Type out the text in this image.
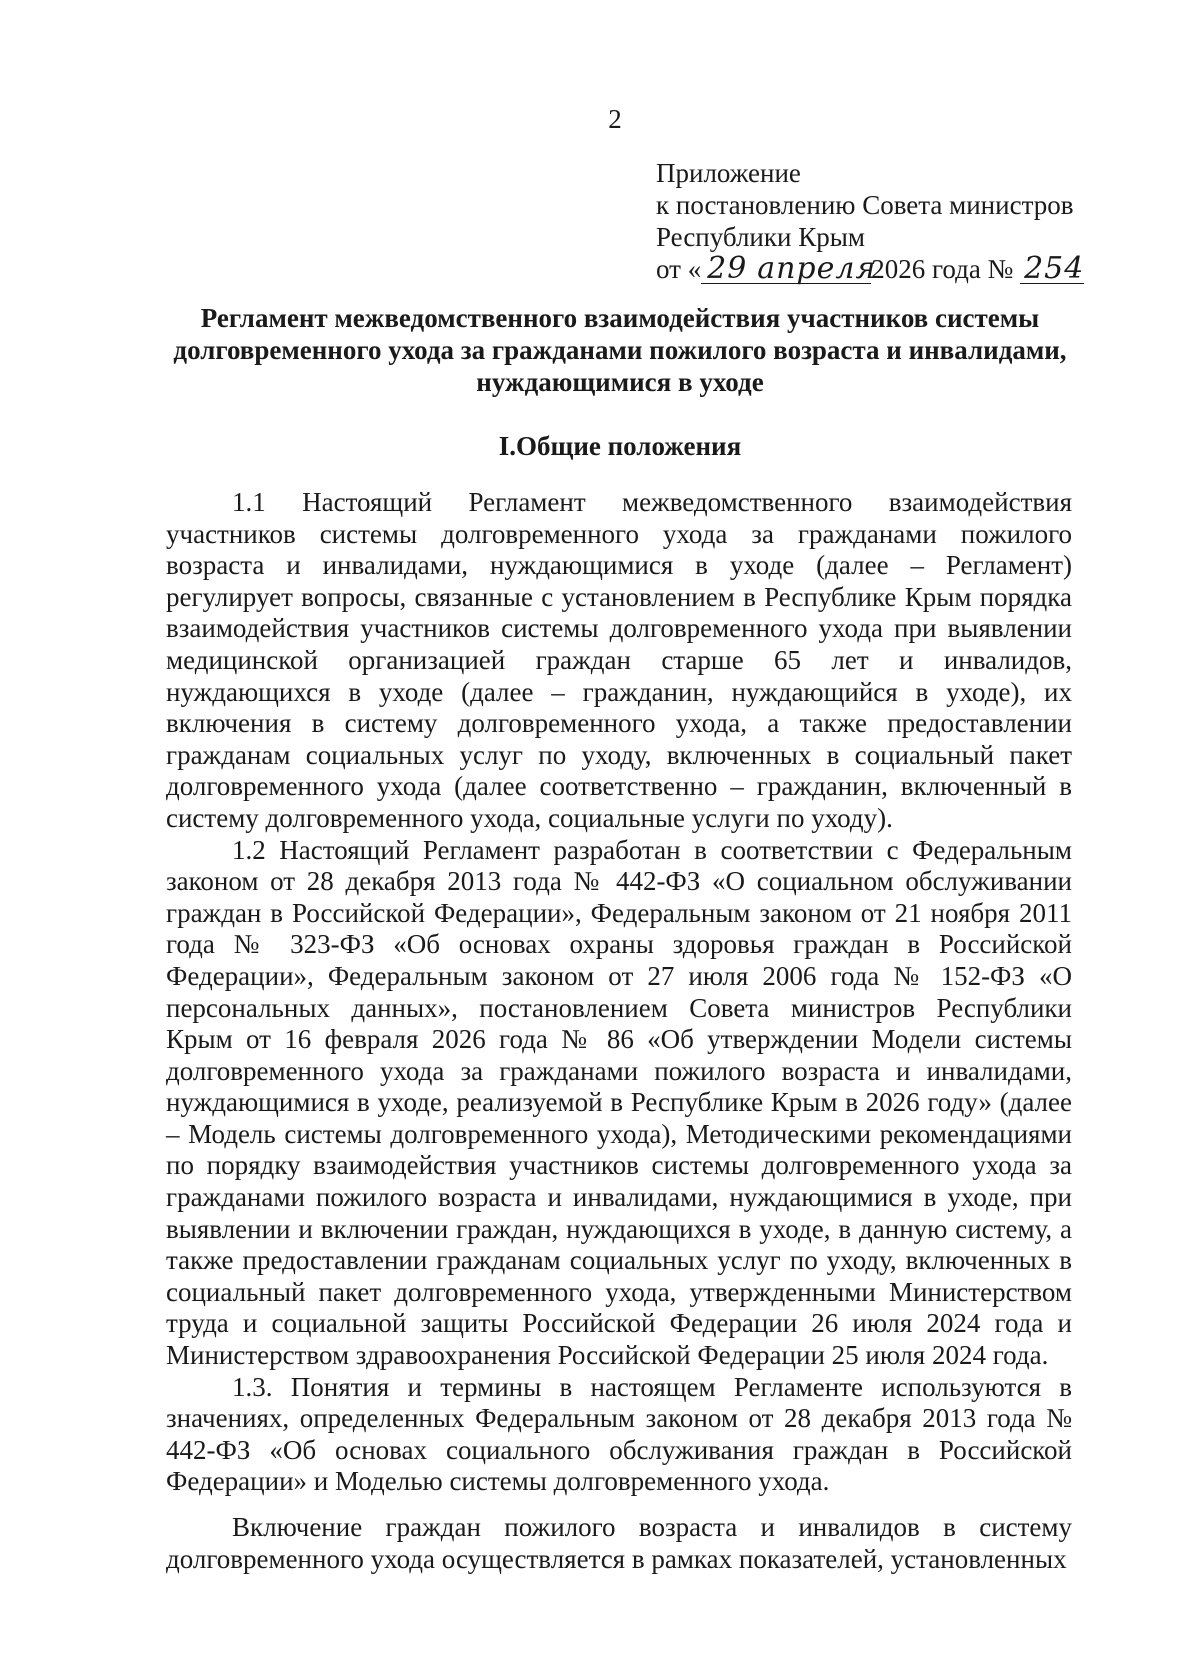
2
Приложение
к постановлению Совета министров
Республики Крым
от « 29 апреля2026 года № 254
Регламент межведомственного взаимодействия участников системы долговременного ухода за гражданами пожилого возраста и инвалидами, нуждающимися в уходе
I.Общие положения

1.1 Настоящий Регламент межведомственного взаимодействия участников системы долговременного ухода за гражданами пожилого возраста и инвалидами, нуждающимися в уходе (далее – Регламент) регулирует вопросы, связанные с установлением в Республике Крым порядка взаимодействия участников системы долговременного ухода при выявлении медицинской организацией граждан старше 65 лет и инвалидов, нуждающихся в уходе (далее – гражданин, нуждающийся в уходе), их включения в систему долговременного ухода, а также предоставлении гражданам социальных услуг по уходу, включенных в социальный пакет долговременного ухода (далее соответственно – гражданин, включенный в систему долговременного ухода, социальные услуги по уходу).

1.2 Настоящий Регламент разработан в соответствии с Федеральным законом от 28 декабря 2013 года № 442-ФЗ «О социальном обслуживании граждан в Российской Федерации», Федеральным законом от 21 ноября 2011 года № 323-ФЗ «Об основах охраны здоровья граждан в Российской Федерации», Федеральным законом от 27 июля 2006 года № 152-ФЗ «О персональных данных», постановлением Совета министров Республики Крым от 16 февраля 2026 года № 86 «Об утверждении Модели системы долговременного ухода за гражданами пожилого возраста и инвалидами, нуждающимися в уходе, реализуемой в Республике Крым в 2026 году» (далее – Модель системы долговременного ухода), Методическими рекомендациями по порядку взаимодействия участников системы долговременного ухода за гражданами пожилого возраста и инвалидами, нуждающимися в уходе, при выявлении и включении граждан, нуждающихся в уходе, в данную систему, а также предоставлении гражданам социальных услуг по уходу, включенных в социальный пакет долговременного ухода, утвержденными Министерством труда и социальной защиты Российской Федерации 26 июля 2024 года и Министерством здравоохранения Российской Федерации 25 июля 2024 года.

1.3. Понятия и термины в настоящем Регламенте используются в значениях, определенных Федеральным законом от 28 декабря 2013 года № 442-ФЗ «Об основах социального обслуживания граждан в Российской Федерации» и Моделью системы долговременного ухода.

Включение граждан пожилого возраста и инвалидов в систему долговременного ухода осуществляется в рамках показателей, установленных
